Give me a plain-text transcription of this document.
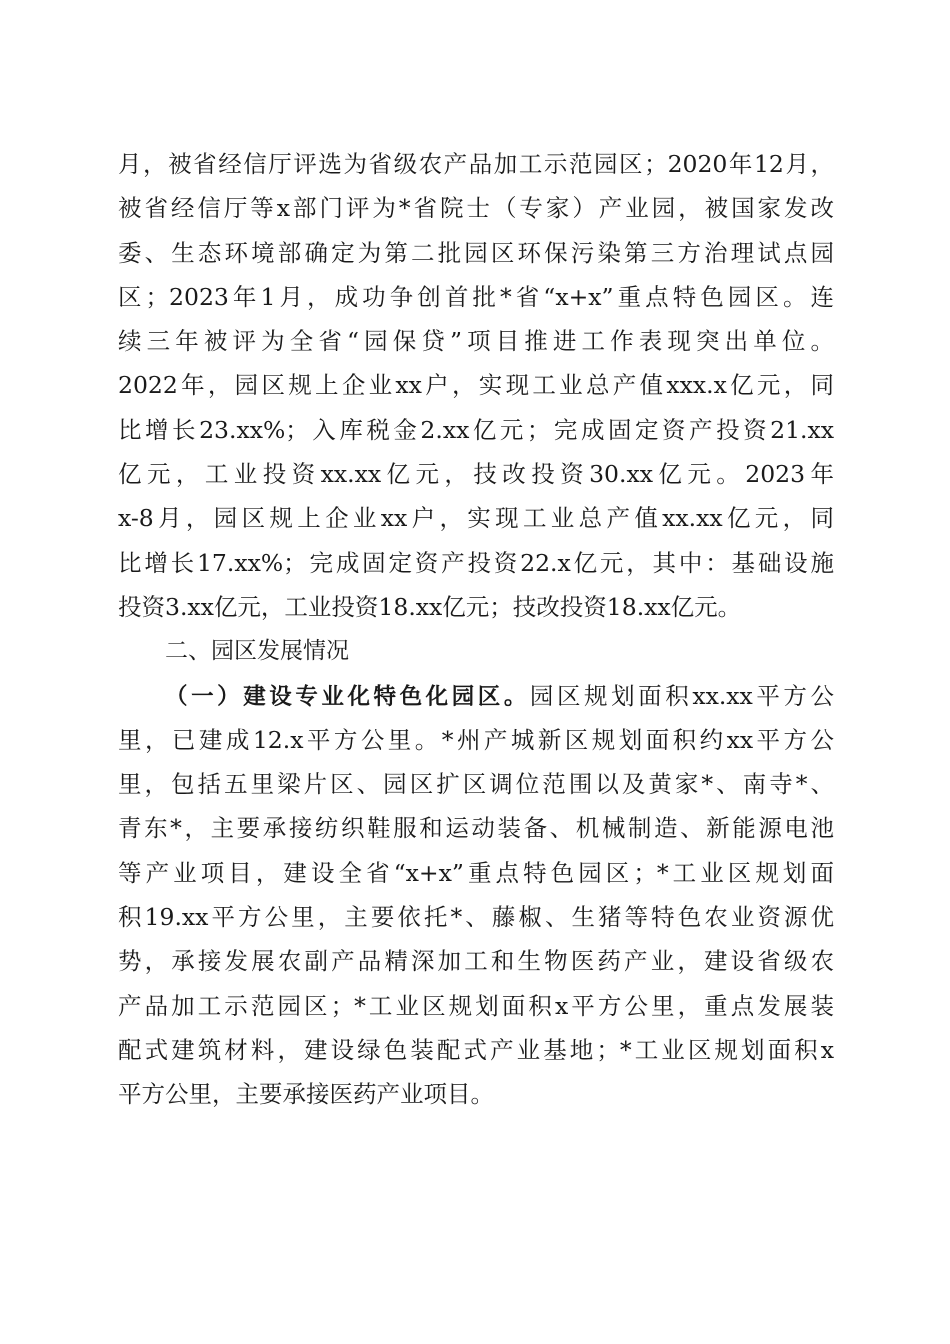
月，被省经信厅评选为省级农产品加工示范园区；2020年12月，
被省经信厅等x部门评为*省院士（专家）产业园，被国家发改
委、生态环境部确定为第二批园区环保污染第三方治理试点园
区；2023年1月，成功争创首批*省“x+x”重点特色园区。连
续三年被评为全省“园保贷”项目推进工作表现突出单位。
2022年，园区规上企业xx户，实现工业总产值xxx.x亿元，同
比增长23.xx%；入库税金2.xx亿元；完成固定资产投资21.xx
亿元，工业投资xx.xx亿元，技改投资30.xx亿元。2023年
x-8月，园区规上企业xx户，实现工业总产值xx.xx亿元，同
比增长17.xx%；完成固定资产投资22.x亿元，其中：基础设施
投资3.xx亿元，工业投资18.xx亿元；技改投资18.xx亿元。
二、园区发展情况
（一）建设专业化特色化园区。园区规划面积xx.xx平方公
里，已建成12.x平方公里。*州产城新区规划面积约xx平方公
里，包括五里梁片区、园区扩区调位范围以及黄家*、南寺*、
青东*，主要承接纺织鞋服和运动装备、机械制造、新能源电池
等产业项目，建设全省“x+x”重点特色园区；*工业区规划面
积19.xx平方公里，主要依托*、藤椒、生猪等特色农业资源优
势，承接发展农副产品精深加工和生物医药产业，建设省级农
产品加工示范园区；*工业区规划面积x平方公里，重点发展装
配式建筑材料，建设绿色装配式产业基地；*工业区规划面积x
平方公里，主要承接医药产业项目。
